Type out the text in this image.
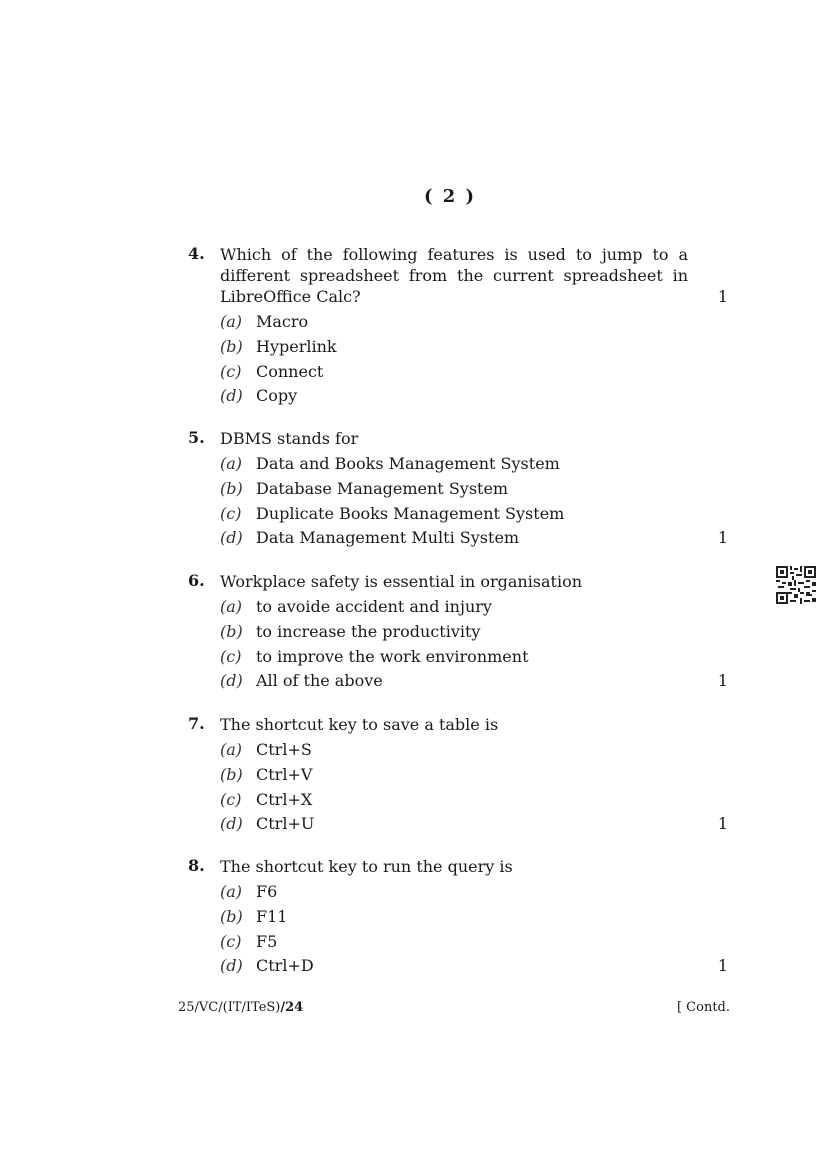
( 2 )
4. Which of the following features is used to jump to a
different spreadsheet from the current spreadsheet in
LibreOffice Calc?	1
(a) Macro
(b) Hyperlink
(c) Connect
(d) Copy
5. DBMS stands for
(a) Data and Books Management System
(b) Database Management System
(c) Duplicate Books Management System
(d) Data Management Multi System	1
6. Workplace safety is essential in organisation
(a) to avoide accident and injury
(b) to increase the productivity
(c) to improve the work environment
(d) All of the above	1
7. The shortcut key to save a table is
(a) Ctrl+S
(b) Ctrl+V
(c) Ctrl+X
(d) Ctrl+U	1
8. The shortcut key to run the query is
(a) F6
(b) F11
(c) F5
(d) Ctrl+D	1
25/VC/(IT/ITeS)/24	[ Contd.
